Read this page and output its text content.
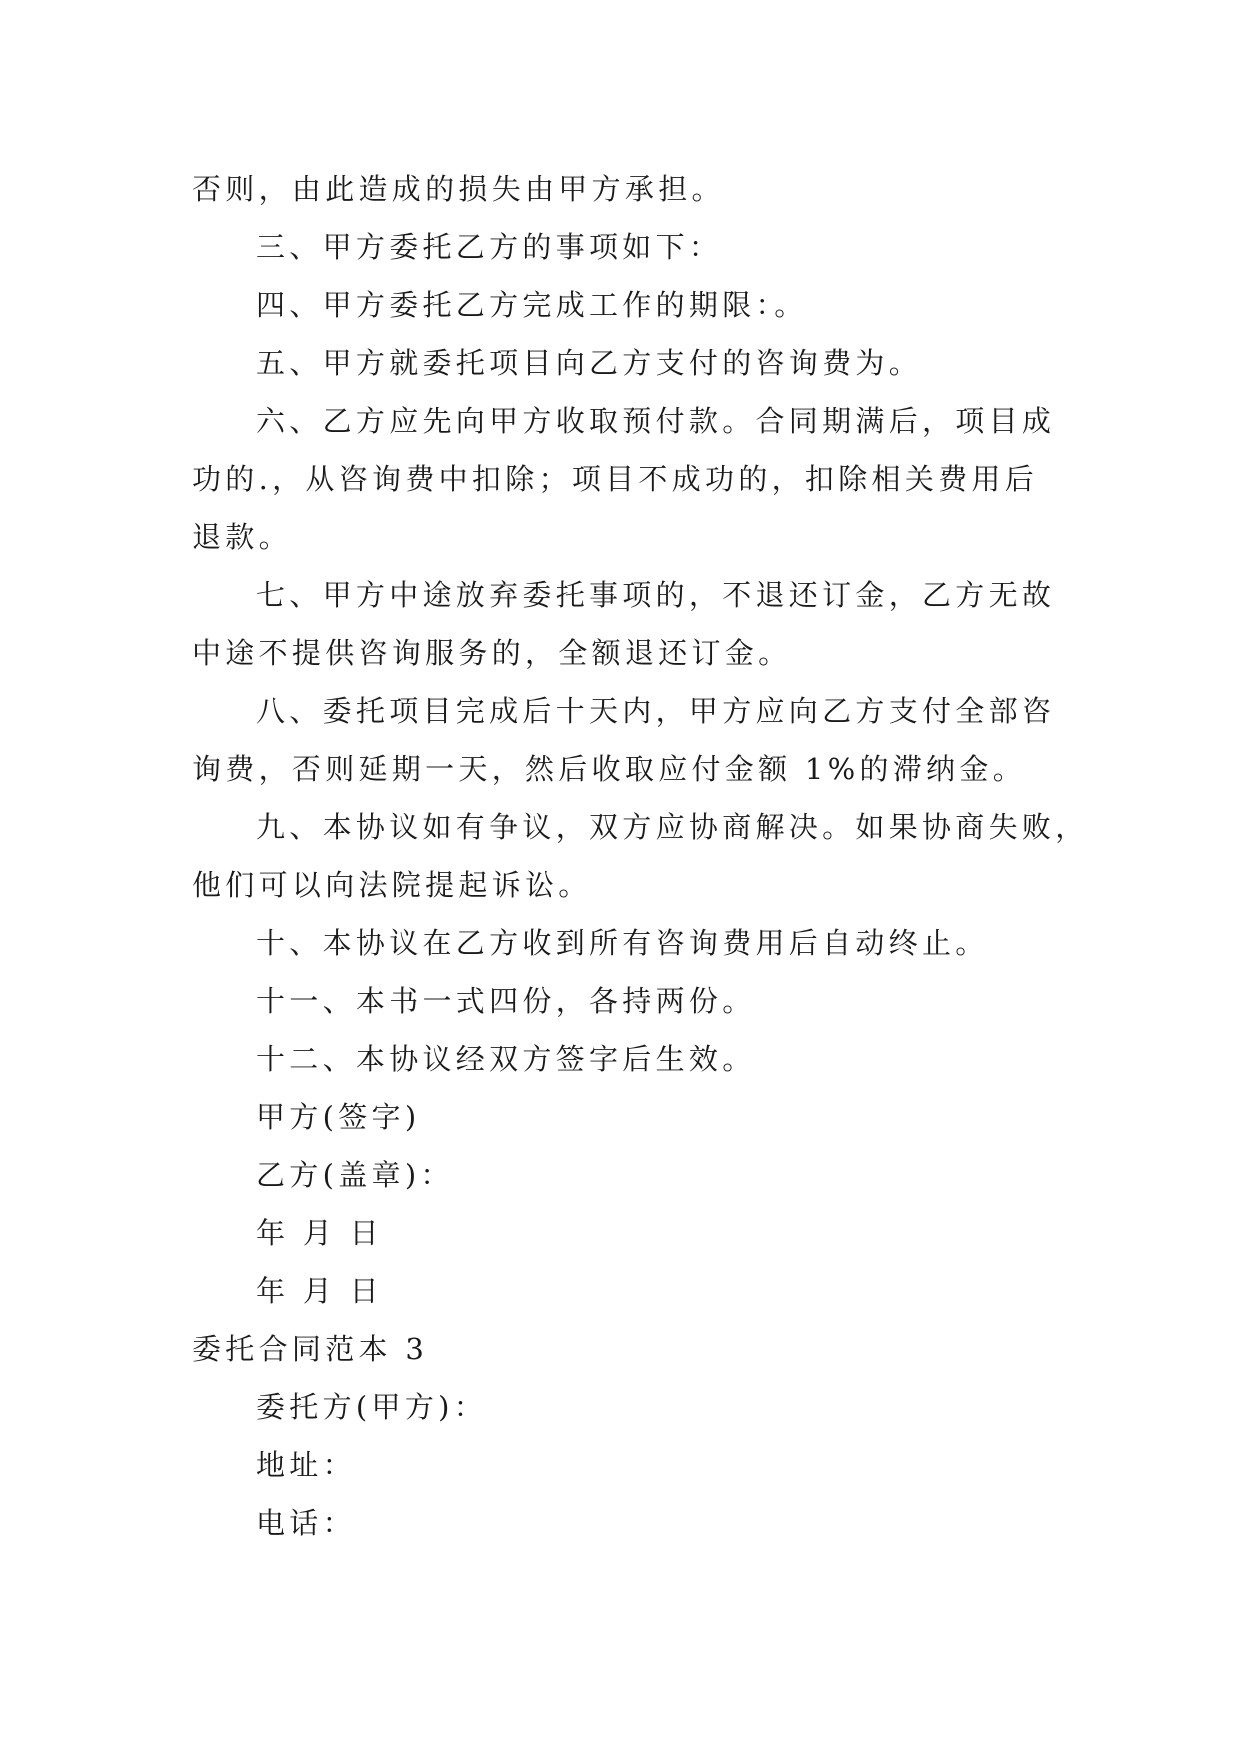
否则，由此造成的损失由甲方承担。
三、甲方委托乙方的事项如下：
四、甲方委托乙方完成工作的期限：。
五、甲方就委托项目向乙方支付的咨询费为。
六、乙方应先向甲方收取预付款。合同期满后，项目成
功的.，从咨询费中扣除；项目不成功的，扣除相关费用后
退款。
七、甲方中途放弃委托事项的，不退还订金，乙方无故
中途不提供咨询服务的，全额退还订金。
八、委托项目完成后十天内，甲方应向乙方支付全部咨
询费，否则延期一天，然后收取应付金额 1%的滞纳金。
九、本协议如有争议，双方应协商解决。如果协商失败，
他们可以向法院提起诉讼。
十、本协议在乙方收到所有咨询费用后自动终止。
十一、本书一式四份，各持两份。
十二、本协议经双方签字后生效。
甲方(签字)
乙方(盖章)：
年 月 日
年 月 日
委托合同范本 3
委托方(甲方)：
地址：
电话：
